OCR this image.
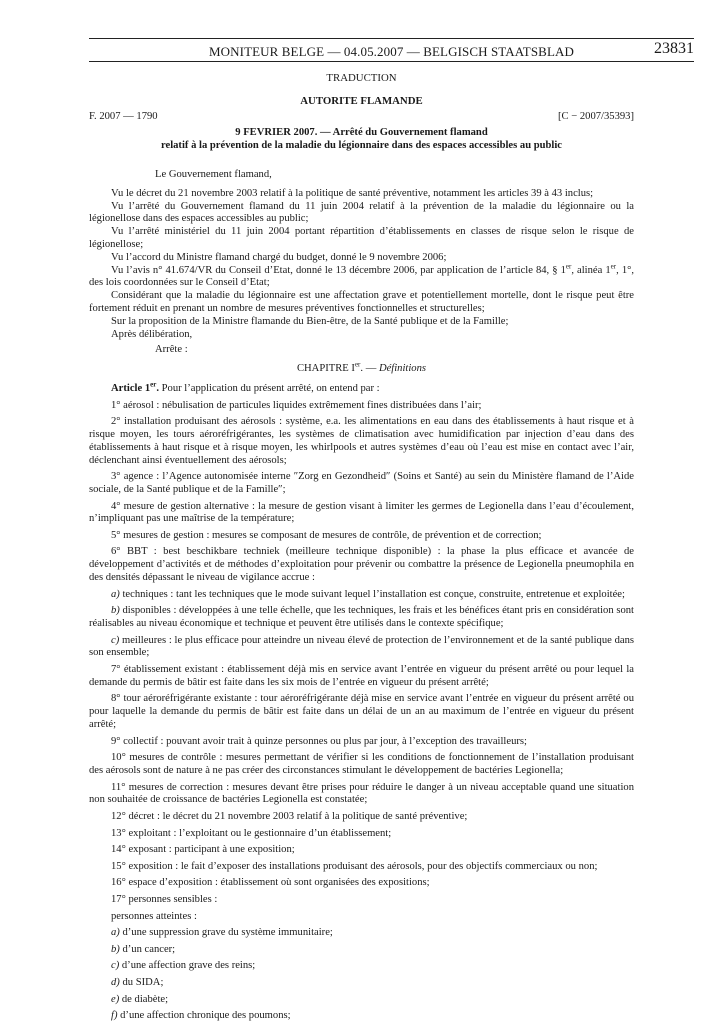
MONITEUR BELGE — 04.05.2007 — BELGISCH STAATSBLAD	23831
TRADUCTION
AUTORITE FLAMANDE
F. 2007 — 1790	[C − 2007/35393]
9 FEVRIER 2007. — Arrêté du Gouvernement flamand
relatif à la prévention de la maladie du légionnaire dans des espaces accessibles au public

Le Gouvernement flamand,

Vu le décret du 21 novembre 2003 relatif à la politique de santé préventive, notamment les articles 39 à 43 inclus;

Vu l’arrêté du Gouvernement flamand du 11 juin 2004 relatif à la prévention de la maladie du légionnaire ou la légionellose dans des espaces accessibles au public;

Vu l’arrêté ministériel du 11 juin 2004 portant répartition d’établissements en classes de risque selon le risque de légionellose;

Vu l’accord du Ministre flamand chargé du budget, donné le 9 novembre 2006;

Vu l’avis n° 41.674/VR du Conseil d’Etat, donné le 13 décembre 2006, par application de l’article 84, § 1er, alinéa 1er, 1°, des lois coordonnées sur le Conseil d’Etat;

Considérant que la maladie du légionnaire est une affectation grave et potentiellement mortelle, dont le risque peut être fortement réduit en prenant un nombre de mesures préventives fonctionnelles et structurelles;

Sur la proposition de la Ministre flamande du Bien-être, de la Santé publique et de la Famille;

Après délibération,

Arrête :

CHAPITRE Ier. — Définitions

Article 1er. Pour l’application du présent arrêté, on entend par :

1° aérosol : nébulisation de particules liquides extrêmement fines distribuées dans l’air;

2° installation produisant des aérosols : système, e.a. les alimentations en eau dans des établissements à haut risque et à risque moyen, les tours aéroréfrigérantes, les systèmes de climatisation avec humidification par injection d’eau dans des établissements à haut risque et à risque moyen, les whirlpools et autres systèmes d’eau où l’eau est mise en contact avec l’air, déclenchant ainsi éventuellement des aérosols;

3° agence : l’Agence autonomisée interne ″Zorg en Gezondheid″ (Soins et Santé) au sein du Ministère flamand de l’Aide sociale, de la Santé publique et de la Famille″;

4° mesure de gestion alternative : la mesure de gestion visant à limiter les germes de Legionella dans l’eau d’écoulement, n’impliquant pas une maîtrise de la température;

5° mesures de gestion : mesures se composant de mesures de contrôle, de prévention et de correction;

6° BBT : best beschikbare techniek (meilleure technique disponible) : la phase la plus efficace et avancée de développement d’activités et de méthodes d’exploitation pour prévenir ou combattre la présence de Legionella pneumophila en des densités dépassant le niveau de vigilance accrue :

a) techniques : tant les techniques que le mode suivant lequel l’installation est conçue, construite, entretenue et exploitée;

b) disponibles : développées à une telle échelle, que les techniques, les frais et les bénéfices étant pris en considération sont réalisables au niveau économique et technique et peuvent être utilisés dans le contexte spécifique;

c) meilleures : le plus efficace pour atteindre un niveau élevé de protection de l’environnement et de la santé publique dans son ensemble;

7° établissement existant : établissement déjà mis en service avant l’entrée en vigueur du présent arrêté ou pour lequel la demande du permis de bâtir est faite dans les six mois de l’entrée en vigueur du présent arrêté;

8° tour aéroréfrigérante existante : tour aéroréfrigérante déjà mise en service avant l’entrée en vigueur du présent arrêté ou pour laquelle la demande du permis de bâtir est faite dans un délai de un an au maximum de l’entrée en vigueur du présent arrêté;

9° collectif : pouvant avoir trait à quinze personnes ou plus par jour, à l’exception des travailleurs;

10° mesures de contrôle : mesures permettant de vérifier si les conditions de fonctionnement de l’installation produisant des aérosols sont de nature à ne pas créer des circonstances stimulant le développement de bactéries Legionella;

11° mesures de correction : mesures devant être prises pour réduire le danger à un niveau acceptable quand une situation non souhaitée de croissance de bactéries Legionella est constatée;

12° décret : le décret du 21 novembre 2003 relatif à la politique de santé préventive;

13° exploitant : l’exploitant ou le gestionnaire d’un établissement;

14° exposant : participant à une exposition;

15° exposition : le fait d’exposer des installations produisant des aérosols, pour des objectifs commerciaux ou non;

16° espace d’exposition : établissement où sont organisées des expositions;

17° personnes sensibles :

personnes atteintes :

a) d’une suppression grave du système immunitaire;

b) d’un cancer;

c) d’une affection grave des reins;

d) du SIDA;

e) de diabète;

f) d’une affection chronique des poumons;
